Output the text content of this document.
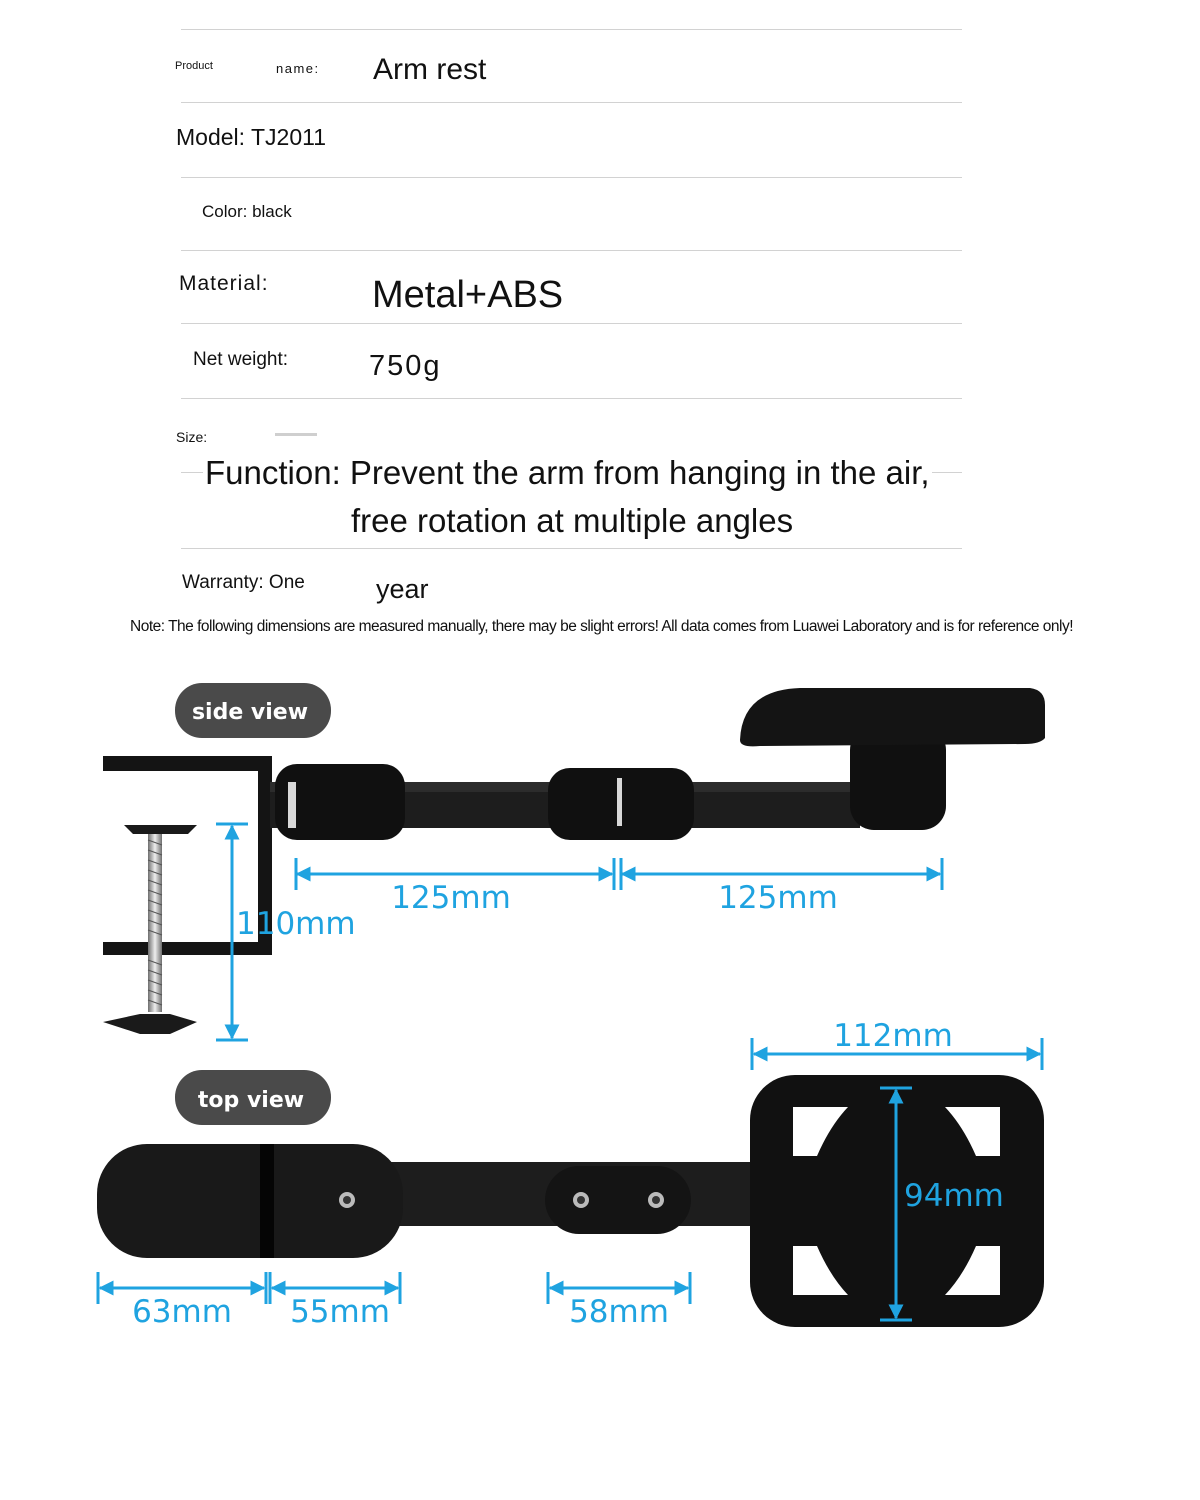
Product	name: Arm rest
Model: TJ2011
Color: black
Material:	Metal+ABS
Net weight:	750g
Size:
Function: Prevent the arm from hanging in the air,
free rotation at multiple angles
Warranty: One	year
Note: The following dimensions are measured manually, there may be slight errors! All data comes from Luawei Laboratory and is for reference only!
side view
125mm	125mm
110mm
112mm
top view
94mm
63mm 55mm	58mm
